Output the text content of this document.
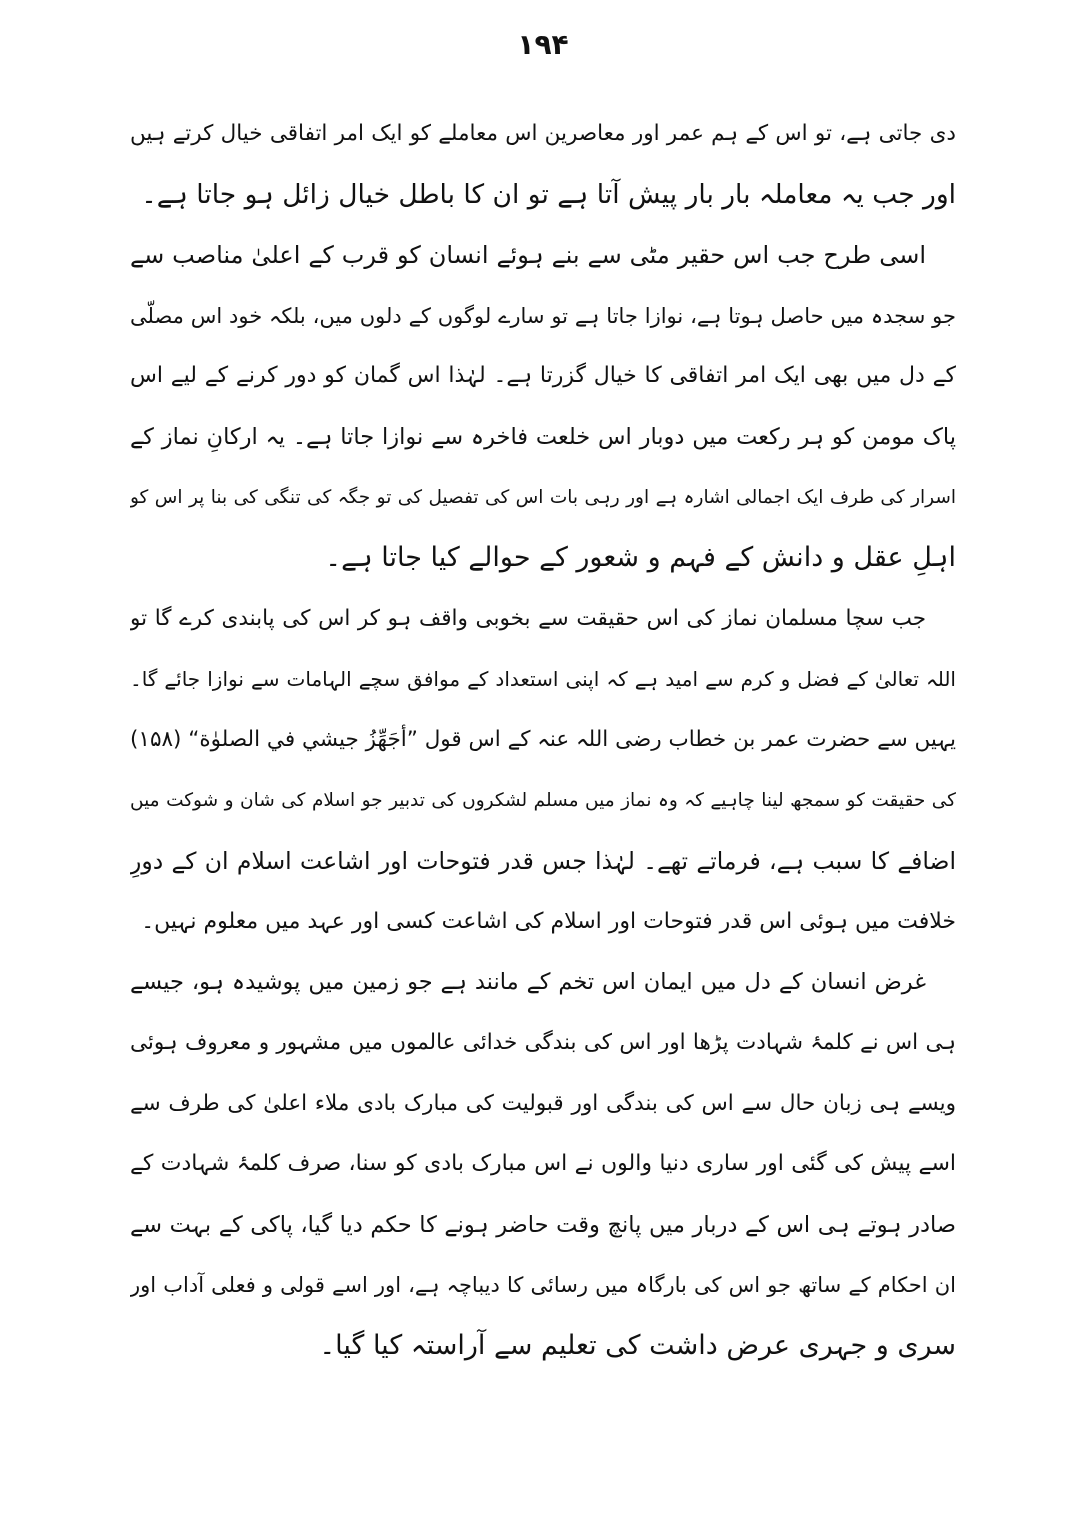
۱۹۴
دی جاتی ہے، تو اس کے ہم عمر اور معاصرین اس معاملے کو ایک امر اتفاقی خیال کرتے ہیں
اور جب یہ معاملہ بار بار پیش آتا ہے تو ان کا باطل خیال زائل ہو جاتا ہے۔
اسی طرح جب اس حقیر مٹی سے بنے ہوئے انسان کو قرب کے اعلیٰ مناصب سے
جو سجدہ میں حاصل ہوتا ہے، نوازا جاتا ہے تو سارے لوگوں کے دلوں میں، بلکہ خود اس مصلّی
کے دل میں بھی ایک امر اتفاقی کا خیال گزرتا ہے۔ لہٰذا اس گمان کو دور کرنے کے لیے اس
پاک مومن کو ہر رکعت میں دوبار اس خلعت فاخرہ سے نوازا جاتا ہے۔ یہ ارکانِ نماز کے
اسرار کی طرف ایک اجمالی اشارہ ہے اور رہی بات اس کی تفصیل کی تو جگہ کی تنگی کی بنا پر اس کو
اہلِ عقل و دانش کے فہم و شعور کے حوالے کیا جاتا ہے۔
جب سچا مسلمان نماز کی اس حقیقت سے بخوبی واقف ہو کر اس کی پابندی کرے گا تو
اللہ تعالیٰ کے فضل و کرم سے امید ہے کہ اپنی استعداد کے موافق سچے الہامات سے نوازا جائے گا۔
یہیں سے حضرت عمر بن خطاب رضی اللہ عنہ کے اس قول ”أجَهِّزُ جيشي في الصلوٰة“ (۱۵۸)
کی حقیقت کو سمجھ لینا چاہیے کہ وہ نماز میں مسلم لشکروں کی تدبیر جو اسلام کی شان و شوکت میں
اضافے کا سبب ہے، فرماتے تھے۔ لہٰذا جس قدر فتوحات اور اشاعت اسلام ان کے دورِ
خلافت میں ہوئی اس قدر فتوحات اور اسلام کی اشاعت کسی اور عہد میں معلوم نہیں۔
غرض انسان کے دل میں ایمان اس تخم کے مانند ہے جو زمین میں پوشیدہ ہو، جیسے
ہی اس نے کلمۂ شہادت پڑھا اور اس کی بندگی خدائی عالموں میں مشہور و معروف ہوئی
ویسے ہی زبان حال سے اس کی بندگی اور قبولیت کی مبارک بادی ملاء اعلیٰ کی طرف سے
اسے پیش کی گئی اور ساری دنیا والوں نے اس مبارک بادی کو سنا، صرف کلمۂ شہادت کے
صادر ہوتے ہی اس کے دربار میں پانچ وقت حاضر ہونے کا حکم دیا گیا، پاکی کے بہت سے
ان احکام کے ساتھ جو اس کی بارگاہ میں رسائی کا دیباچہ ہے، اور اسے قولی و فعلی آداب اور
سری و جہری عرض داشت کی تعلیم سے آراستہ کیا گیا۔
